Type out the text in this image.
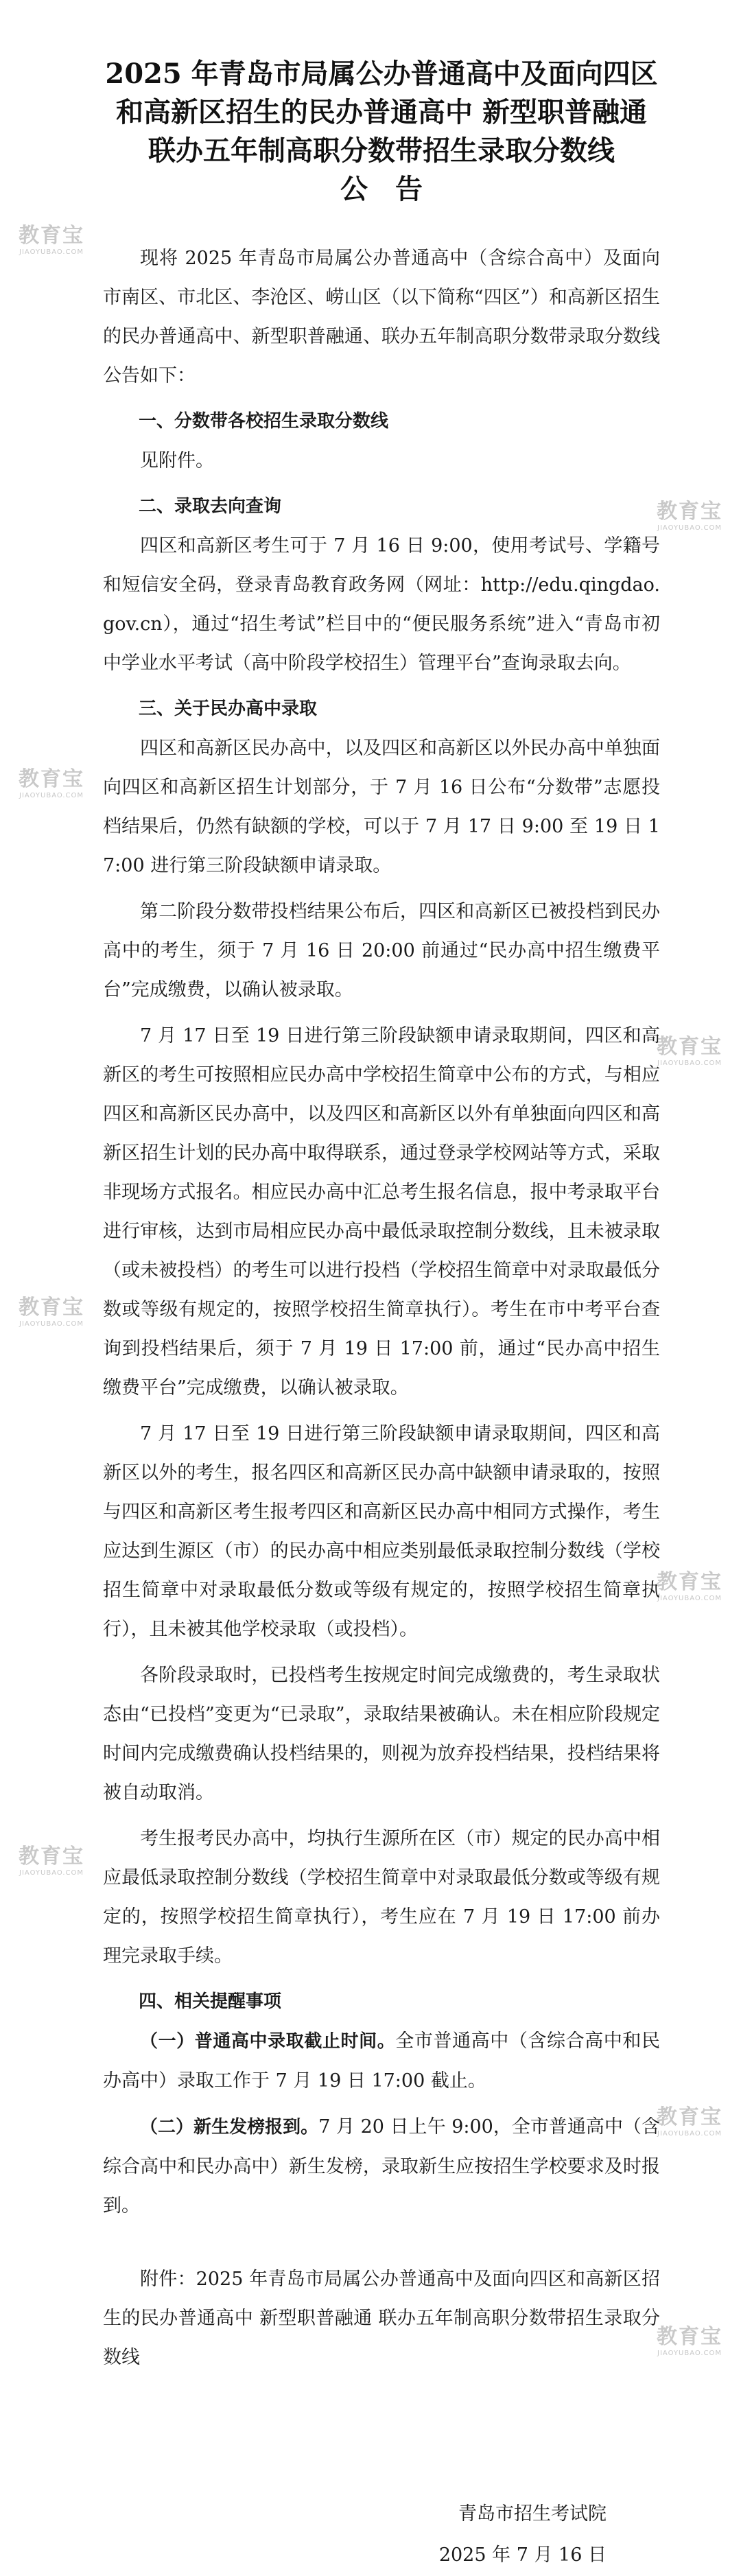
教育宝
JIAOYUBAO.COM
教育宝
JIAOYUBAO.COM
教育宝
JIAOYUBAO.COM
教育宝
JIAOYUBAO.COM
教育宝
JIAOYUBAO.COM
教育宝
JIAOYUBAO.COM
教育宝
JIAOYUBAO.COM
教育宝
JIAOYUBAO.COM
教育宝
JIAOYUBAO.COM
2025 年青岛市局属公办普通高中及面向四区
和高新区招生的民办普通高中 新型职普融通
联办五年制高职分数带招生录取分数线
公　告

现将 2025 年青岛市局属公办普通高中（含综合高中）及面向市南区、市北区、李沧区、崂山区（以下简称“四区”）和高新区招生的民办普通高中、新型职普融通、联办五年制高职分数带录取分数线公告如下：

一、分数带各校招生录取分数线

见附件。

二、录取去向查询

四区和高新区考生可于 7 月 16 日 9:00，使用考试号、学籍号和短信安全码，登录青岛教育政务网（网址：http://edu.qingdao.gov.cn），通过“招生考试”栏目中的“便民服务系统”进入“青岛市初中学业水平考试（高中阶段学校招生）管理平台”查询录取去向。

三、关于民办高中录取

四区和高新区民办高中，以及四区和高新区以外民办高中单独面向四区和高新区招生计划部分，于 7 月 16 日公布“分数带”志愿投档结果后，仍然有缺额的学校，可以于 7 月 17 日 9:00 至 19 日 17:00 进行第三阶段缺额申请录取。

第二阶段分数带投档结果公布后，四区和高新区已被投档到民办高中的考生，须于 7 月 16 日 20:00 前通过“民办高中招生缴费平台”完成缴费，以确认被录取。

7 月 17 日至 19 日进行第三阶段缺额申请录取期间，四区和高新区的考生可按照相应民办高中学校招生简章中公布的方式，与相应四区和高新区民办高中，以及四区和高新区以外有单独面向四区和高新区招生计划的民办高中取得联系，通过登录学校网站等方式，采取非现场方式报名。相应民办高中汇总考生报名信息，报中考录取平台进行审核，达到市局相应民办高中最低录取控制分数线，且未被录取（或未被投档）的考生可以进行投档（学校招生简章中对录取最低分数或等级有规定的，按照学校招生简章执行）。考生在市中考平台查询到投档结果后，须于 7 月 19 日 17:00 前，通过“民办高中招生缴费平台”完成缴费，以确认被录取。

7 月 17 日至 19 日进行第三阶段缺额申请录取期间，四区和高新区以外的考生，报名四区和高新区民办高中缺额申请录取的，按照与四区和高新区考生报考四区和高新区民办高中相同方式操作，考生应达到生源区（市）的民办高中相应类别最低录取控制分数线（学校招生简章中对录取最低分数或等级有规定的，按照学校招生简章执行），且未被其他学校录取（或投档）。

各阶段录取时，已投档考生按规定时间完成缴费的，考生录取状态由“已投档”变更为“已录取”，录取结果被确认。未在相应阶段规定时间内完成缴费确认投档结果的，则视为放弃投档结果，投档结果将被自动取消。

考生报考民办高中，均执行生源所在区（市）规定的民办高中相应最低录取控制分数线（学校招生简章中对录取最低分数或等级有规定的，按照学校招生简章执行），考生应在 7 月 19 日 17:00 前办理完录取手续。

四、相关提醒事项

（一）普通高中录取截止时间。全市普通高中（含综合高中和民办高中）录取工作于 7 月 19 日 17:00 截止。

（二）新生发榜报到。7 月 20 日上午 9:00，全市普通高中（含综合高中和民办高中）新生发榜，录取新生应按招生学校要求及时报到。

附件：2025 年青岛市局属公办普通高中及面向四区和高新区招生的民办普通高中 新型职普融通 联办五年制高职分数带招生录取分数线

青岛市招生考试院
2025 年 7 月 16 日
